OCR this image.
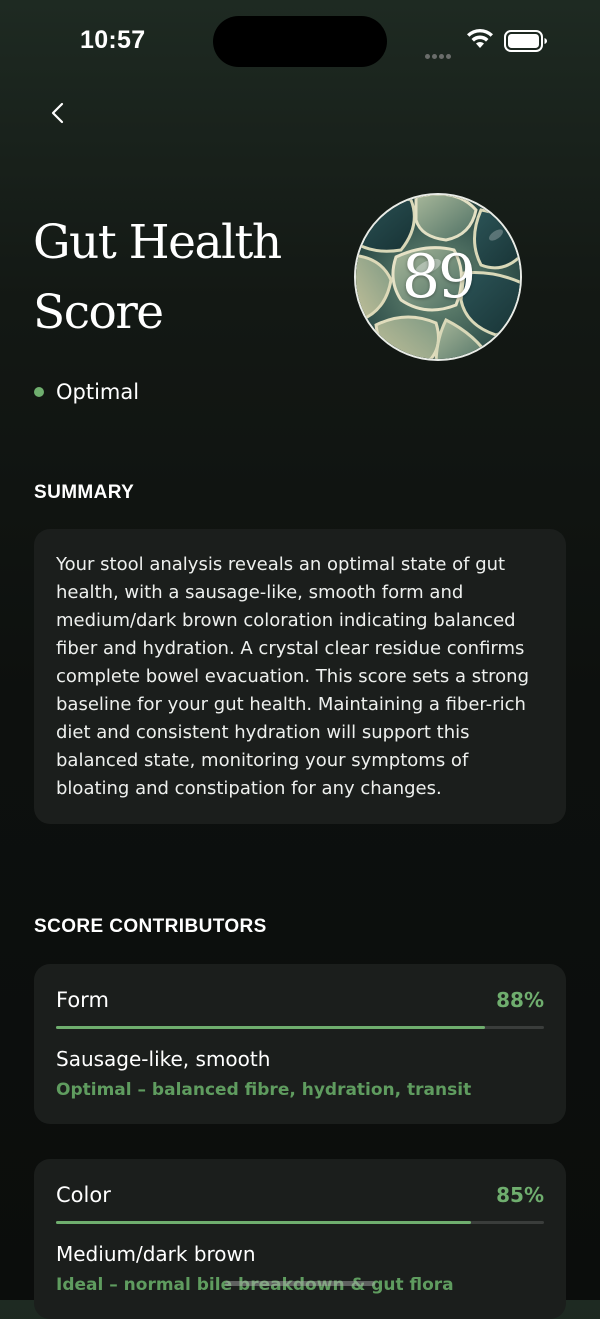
10:57
Gut Health
Score
Optimal
89
SUMMARY

Your stool analysis reveals an optimal state of gut health, with a sausage-like, smooth form and medium/dark brown coloration indicating balanced fiber and hydration. A crystal clear residue confirms complete bowel evacuation. This score sets a strong baseline for your gut health. Maintaining a fiber-rich diet and consistent hydration will support this balanced state, monitoring your symptoms of bloating and constipation for any changes.

SCORE CONTRIBUTORS
Form	88%
Sausage-like, smooth
Optimal – balanced fibre, hydration, transit
Color	85%
Medium/dark brown
Ideal – normal bile breakdown & gut flora
